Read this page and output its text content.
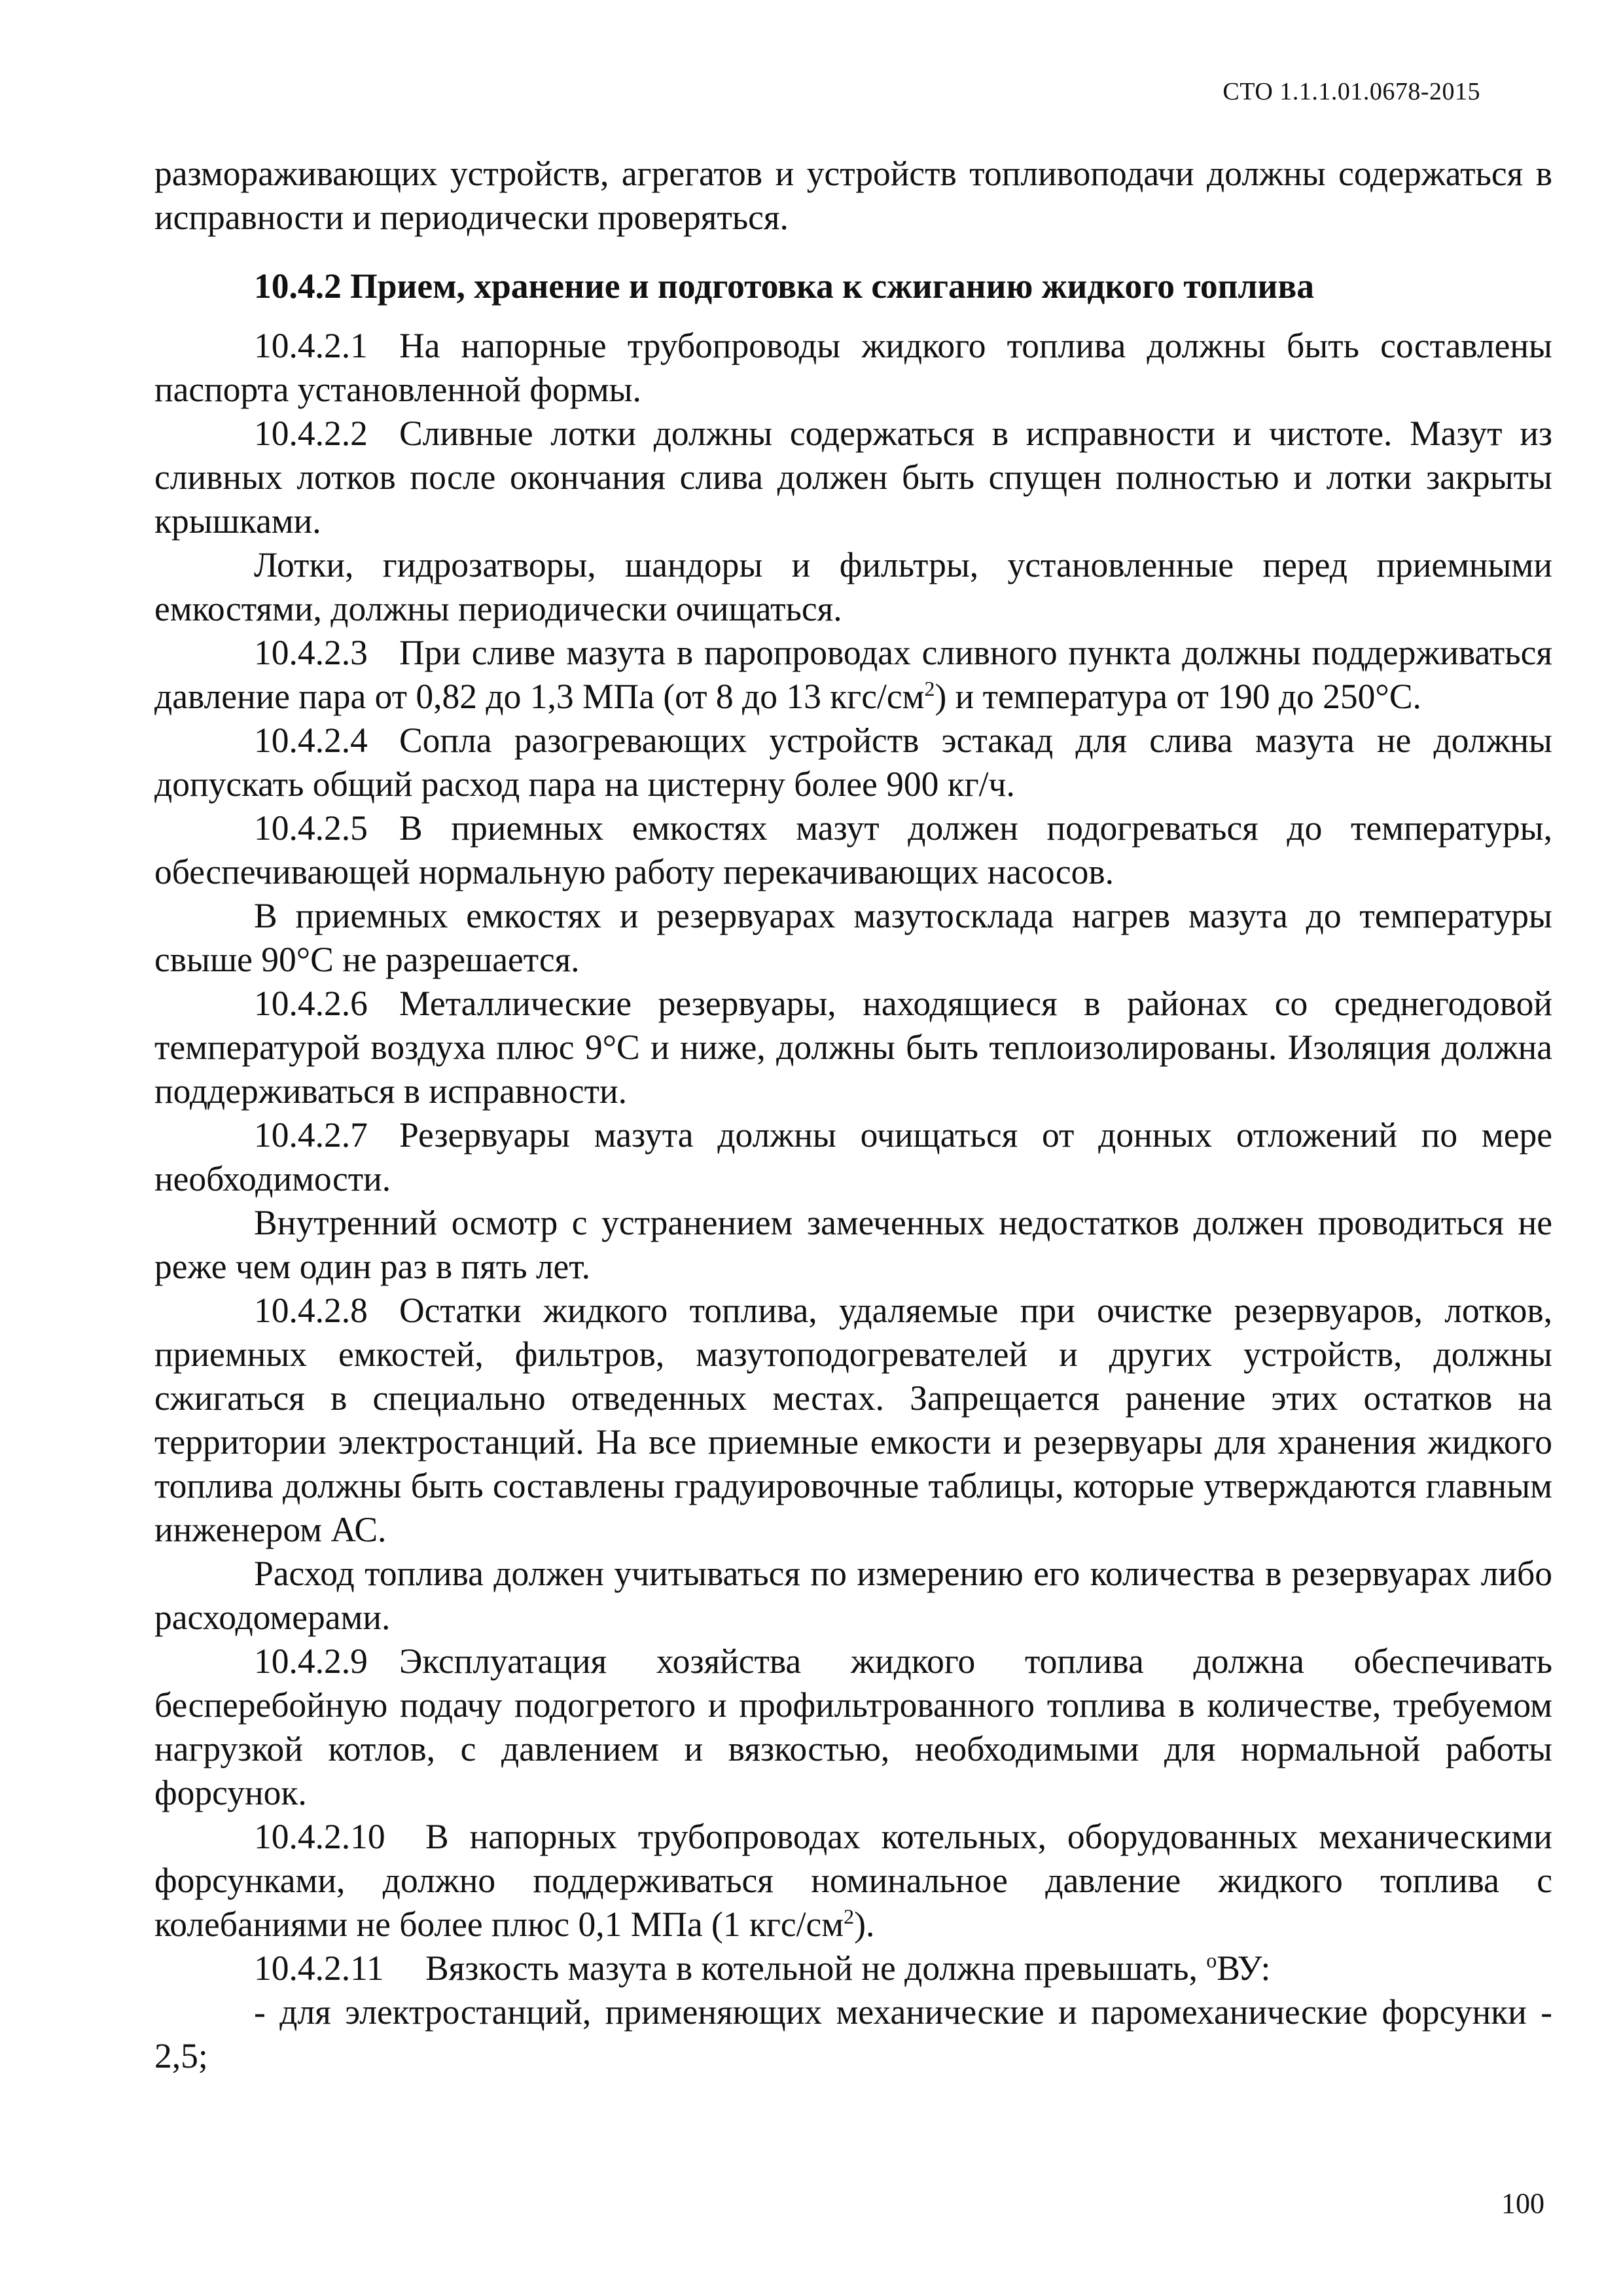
СТО 1.1.1.01.0678-2015

размораживающих устройств, агрегатов и устройств топливоподачи должны содержаться в исправности и периодически проверяться.

10.4.2 Прием, хранение и подготовка к сжиганию жидкого топлива

10.4.2.1 На напорные трубопроводы жидкого топлива должны быть составлены паспорта установленной формы.

10.4.2.2 Сливные лотки должны содержаться в исправности и чистоте. Мазут из сливных лотков после окончания слива должен быть спущен полностью и лотки закрыты крышками.

Лотки, гидрозатворы, шандоры и фильтры, установленные перед приемными емкостями, должны периодически очищаться.

10.4.2.3 При сливе мазута в паропроводах сливного пункта должны поддерживаться давление пара от 0,82 до 1,3 МПа (от 8 до 13 кгс/$см^2$) и температура от 190 до 250°С.

10.4.2.4 Сопла разогревающих устройств эстакад для слива мазута не должны допускать общий расход пара на цистерну более 900 кг/ч.

10.4.2.5 В приемных емкостях мазут должен подогреваться до температуры, обеспечивающей нормальную работу перекачивающих насосов.

В приемных емкостях и резервуарах мазутосклада нагрев мазута до температуры свыше 90°С не разрешается.

10.4.2.6 Металлические резервуары, находящиеся в районах со среднегодовой температурой воздуха плюс 9°С и ниже, должны быть теплоизолированы. Изоляция должна поддерживаться в исправности.

10.4.2.7 Резервуары мазута должны очищаться от донных отложений по мере необходимости.

Внутренний осмотр с устранением замеченных недостатков должен проводиться не реже чем один раз в пять лет.

10.4.2.8 Остатки жидкого топлива, удаляемые при очистке резервуаров, лотков, приемных емкостей, фильтров, мазутоподогревателей и других устройств, должны сжигаться в специально отведенных местах. Запрещается ранение этих остатков на территории электростанций. На все приемные емкости и резервуары для хранения жидкого топлива должны быть составлены градуировочные таблицы, которые утверждаются главным инженером АС.

Расход топлива должен учитываться по измерению его количества в резервуарах либо расходомерами.

10.4.2.9 Эксплуатация хозяйства жидкого топлива должна обеспечивать бесперебойную подачу подогретого и профильтрованного топлива в количестве, требуемом нагрузкой котлов, с давлением и вязкостью, необходимыми для нормальной работы форсунок.

10.4.2.10 В напорных трубопроводах котельных, оборудованных механическими форсунками, должно поддерживаться номинальное давление жидкого топлива с колебаниями не более плюс 0,1 МПа (1 кгс/$см^2$).

10.4.2.11 Вязкость мазута в котельной не должна превышать, $^о$ВУ:

- для электростанций, применяющих механические и паромеханические форсунки - 2,5;

100
